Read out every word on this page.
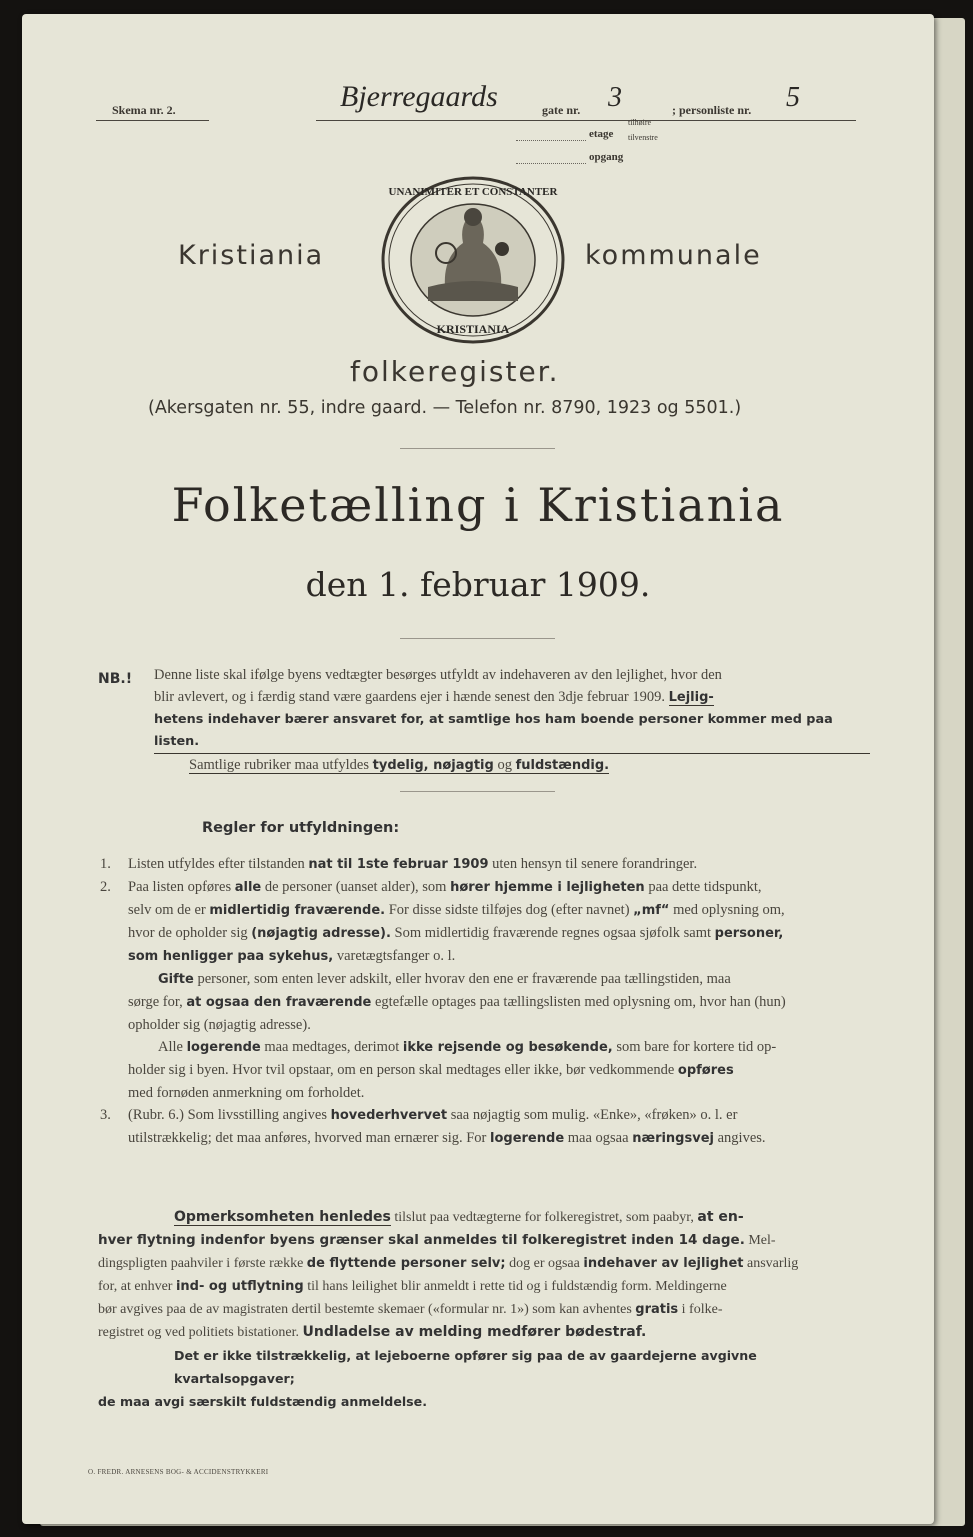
Skema nr. 2.	Bjerregaards	gate nr. 3	; personliste nr. 5
etage
tilhøire
tilvenstre
opgang
Kristiania	kommunale
UNANIMITER ET CONSTANTER
KRISTIANIA
folkeregister.
(Akersgaten nr. 55, indre gaard. — Telefon nr. 8790, 1923 og 5501.)
Folketælling i Kristiania
den 1. februar 1909.
NB.! Denne liste skal ifølge byens vedtægter besørges utfyldt av indehaveren av den lejlighet, hvor den

blir avlevert, og i færdig stand være gaardens ejer i hænde senest den 3dje februar 1909. Lejlig-

hetens indehaver bærer ansvaret for, at samtlige hos ham boende personer kommer med paa listen.

Samtlige rubriker maa utfyldes tydelig, nøjagtig og fuldstændig.

Regler for utfyldningen:

1. Listen utfyldes efter tilstanden nat til 1ste februar 1909 uten hensyn til senere forandringer.

2. Paa listen opføres alle de personer (uanset alder), som hører hjemme i lejligheten paa dette tidspunkt,

selv om de er midlertidig fraværende. For disse sidste tilføjes dog (efter navnet) „mf“ med oplysning om,

hvor de opholder sig (nøjagtig adresse). Som midlertidig fraværende regnes ogsaa sjøfolk samt personer,

som henligger paa sykehus, varetægtsfanger o. l.

Gifte personer, som enten lever adskilt, eller hvorav den ene er fraværende paa tællingstiden, maa

sørge for, at ogsaa den fraværende egtefælle optages paa tællingslisten med oplysning om, hvor han (hun)

opholder sig (nøjagtig adresse).

Alle logerende maa medtages, derimot ikke rejsende og besøkende, som bare for kortere tid op-

holder sig i byen. Hvor tvil opstaar, om en person skal medtages eller ikke, bør vedkommende opføres

med fornøden anmerkning om forholdet.

3. (Rubr. 6.) Som livsstilling angives hovederhvervet saa nøjagtig som mulig. «Enke», «frøken» o. l. er

utilstrækkelig; det maa anføres, hvorved man ernærer sig. For logerende maa ogsaa næringsvej angives.

Opmerksomheten henledes tilslut paa vedtægterne for folkeregistret, som paabyr, at en-

hver flytning indenfor byens grænser skal anmeldes til folkeregistret inden 14 dage. Mel-

dingspligten paahviler i første række de flyttende personer selv; dog er ogsaa indehaver av lejlighet ansvarlig

for, at enhver ind- og utflytning til hans leilighet blir anmeldt i rette tid og i fuldstændig form. Meldingerne

bør avgives paa de av magistraten dertil bestemte skemaer («formular nr. 1») som kan avhentes gratis i folke-

registret og ved politiets bistationer. Undladelse av melding medfører bødestraf.

Det er ikke tilstrækkelig, at lejeboerne opfører sig paa de av gaardejerne avgivne kvartalsopgaver;

de maa avgi særskilt fuldstændig anmeldelse.

O. FREDR. ARNESENS BOG- & ACCIDENSTRYKKERI
